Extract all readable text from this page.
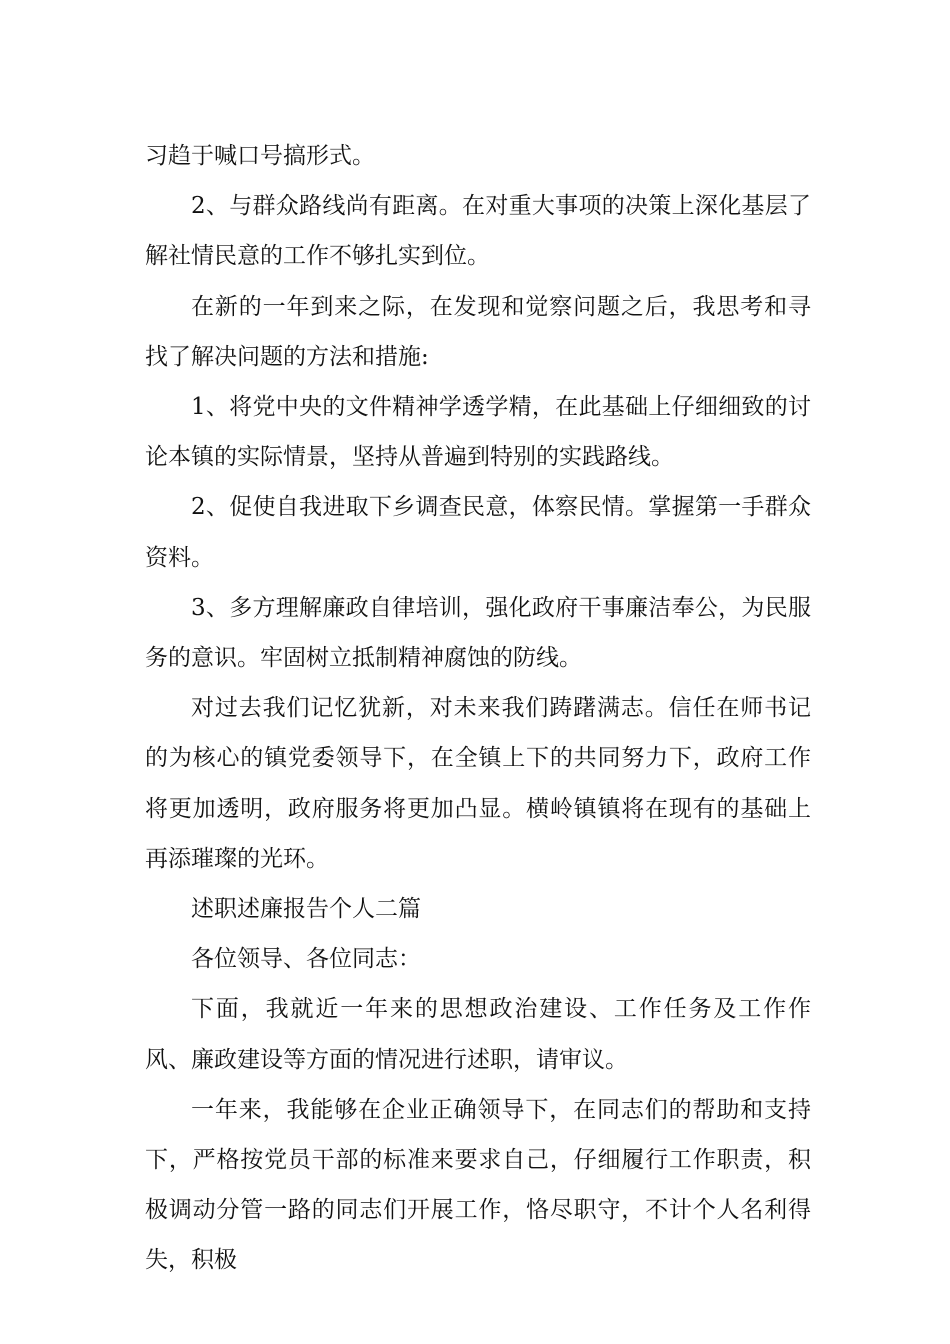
习趋于喊口号搞形式。

2、与群众路线尚有距离。在对重大事项的决策上深化基层了解社情民意的工作不够扎实到位。

在新的一年到来之际，在发现和觉察问题之后，我思考和寻找了解决问题的方法和措施:

1、将党中央的文件精神学透学精，在此基础上仔细细致的讨论本镇的实际情景，坚持从普遍到特别的实践路线。

2、促使自我进取下乡调查民意，体察民情。掌握第一手群众资料。

3、多方理解廉政自律培训，强化政府干事廉洁奉公，为民服务的意识。牢固树立抵制精神腐蚀的防线。

对过去我们记忆犹新，对未来我们踌躇满志。信任在师书记的为核心的镇党委领导下，在全镇上下的共同努力下，政府工作将更加透明，政府服务将更加凸显。横岭镇镇将在现有的基础上再添璀璨的光环。

述职述廉报告个人二篇

各位领导、各位同志：

下面，我就近一年来的思想政治建设、工作任务及工作作风、廉政建设等方面的情况进行述职，请审议。

一年来，我能够在企业正确领导下，在同志们的帮助和支持下，严格按党员干部的标准来要求自己，仔细履行工作职责，积极调动分管一路的同志们开展工作，恪尽职守，不计个人名利得失，积极
